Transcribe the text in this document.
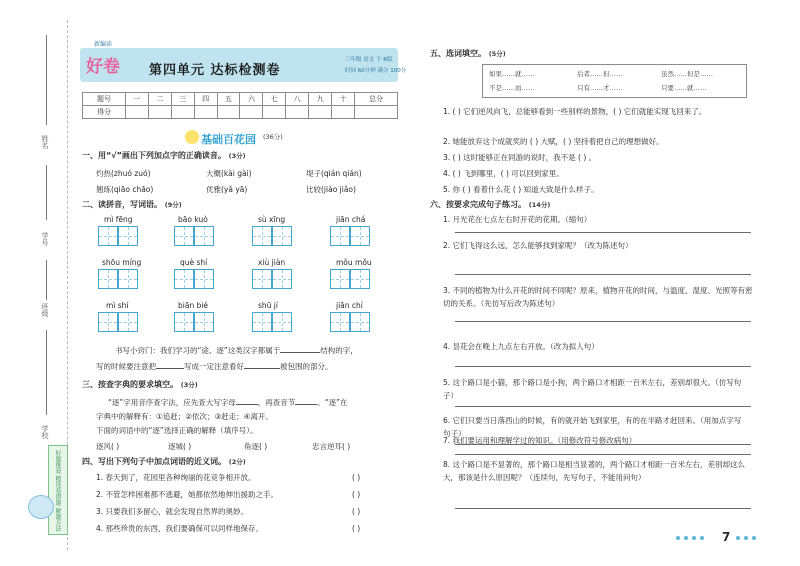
姓名
学号
班级
学校
好题推荐 精选易错题 解题方法
新编读
好卷 第四单元 达标检测卷
三年级 语文 下 R版
时间 60分钟 满分 100分
题号	一	二	三	四	五	六	七	八	九	十	总分
得分											
基础百花园 (36分)
一、用“√”画出下列加点字的正确读音。 (3分)
灼热(zhuó zuó)	大概(kài gài)	堤子(qián qián)
翘练(qiāo chāo)	优雅(yǎ yā)	比较(jiào jiǎo)
二、读拼音，写词语。 (9分)
mì fēng	bāo kuò	sù xīng	jiān chá
shōu míng	què shí	xiù jiàn	mǒu mǒu
mì shí	biān bié	shū jí	jiān chí
书写小窍门：我们学习的“途、逐”这类汉字都属于	结构的字，
写的时候要注意把	写成一定注意看好	被包围的部分。
三、按查字典的要求填空。 (3分)
“逐”字用音序查字法，应先查大写字母	，再查音节	。“逐”在
字典中的解释有：①追赶；②依次；③赶走；④离开。
下面的词语中的“逐”选择正确的解释（填序号）。
逐风( )	逐城( )	角逐( )	忠言逆耳( )
四、写出下列句子中加点词语的近义词。 (2分)
1. 春天到了，花园里各种绚丽的花竞争相开放。	( )
2. 不管怎样困难都不逃避，她都依然地伸出援助之手。	( )
3. 只要我们多留心，就会发现自然界的奥妙。	( )
4. 那些珍贵的东西，我们要确保可以同样地保存。	( )
五、选词填空。 (5分)
如果……就……	后者……但……	虽然……但是……
不是……而……	只有……才……	只要……就……
1. ( ) 它们逆风向飞，总能够看到一些别样的景物，( ) 它们就能实现飞回来了。
2. 她能放弃这个成就奖的 ( ) 大赋，( ) 坚持着把自己的理想做好。
3. ( ) 这时能够正在同游的说时，我不是 ( ) 。
4. ( ) 飞到哪里，( ) 可以回到家里。
5. 你 ( ) 看着什么花 ( ) 知道大致是什么样子。
六、按要求完成句子练习。 (14分)
1. 月光花在七点左右时开花的花期。（缩句）
2. 它们飞得这么远，怎么能够找到家呢？（改为陈述句）
3. 不同的植物为什么开花的时间不同呢？原来，植物开花的时间，与温度、湿度、光照等有密切的关系。（先仿写后改为陈述句）
4. 昙花会在晚上九点左右开放。（改为拟人句）
5. 这个路口是小猫，那个路口是小狗，两个路口才相距一百米左右，差别却很大。（仿写句子）
6. 它们只要当日落西山的时候，有的就开始飞到家里，有的在半路才赶回来。（用加点字写句子）
7. 我们要运用和理解学过的知识。（用修改符号修改病句）
8. 这个路口是不显著的，那个路口是相当显著的，两个路口才相距一百米左右，差别却这么大，那该是什么原因呢？（连续句，先写句子，不能用问句）
7
